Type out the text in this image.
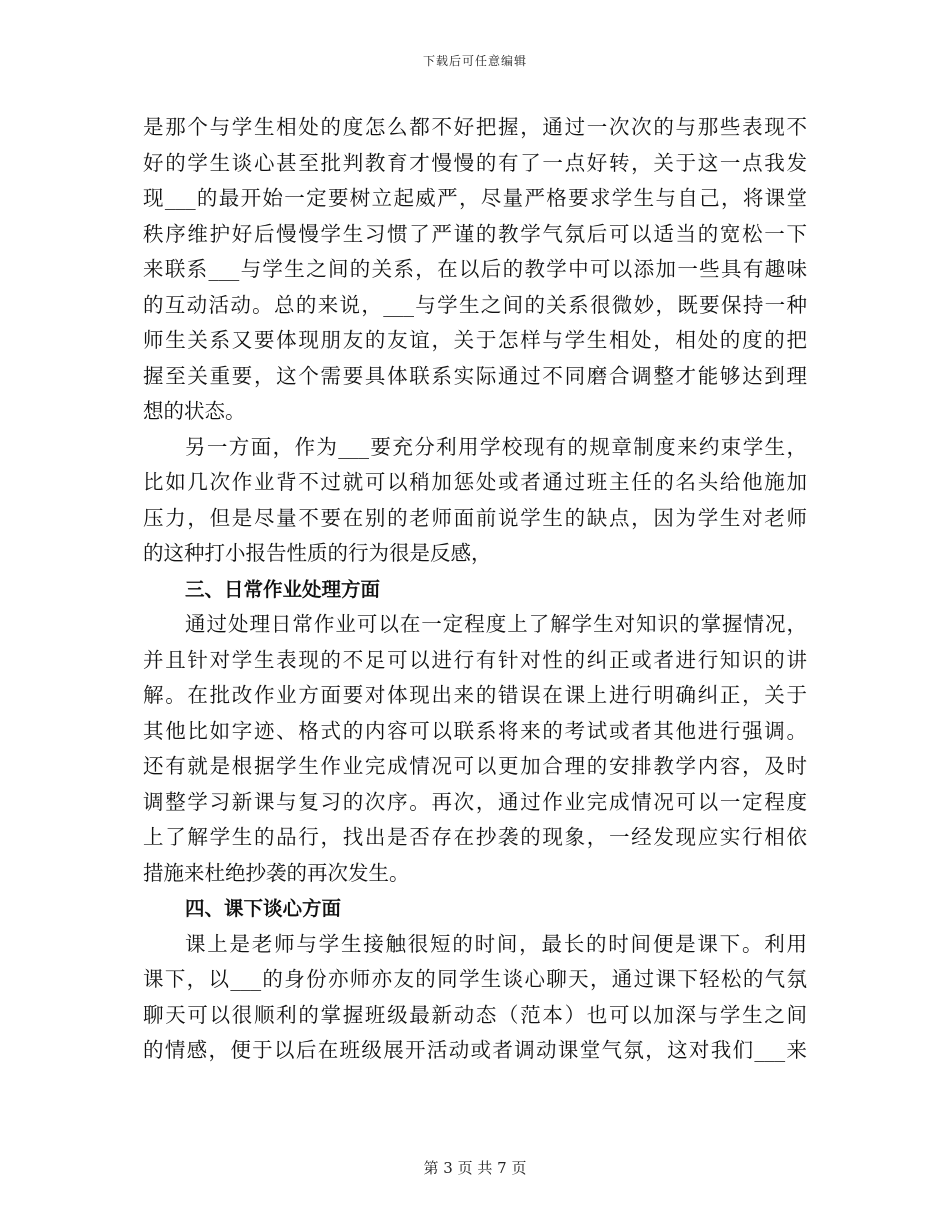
下载后可任意编辑
是那个与学生相处的度怎么都不好把握，通过一次次的与那些表现不
好的学生谈心甚至批判教育才慢慢的有了一点好转，关于这一点我发
现___的最开始一定要树立起威严，尽量严格要求学生与自己，将课堂
秩序维护好后慢慢学生习惯了严谨的教学气氛后可以适当的宽松一下
来联系___与学生之间的关系，在以后的教学中可以添加一些具有趣味
的互动活动。总的来说，___与学生之间的关系很微妙，既要保持一种
师生关系又要体现朋友的友谊，关于怎样与学生相处，相处的度的把
握至关重要，这个需要具体联系实际通过不同磨合调整才能够达到理
想的状态。
另一方面，作为___要充分利用学校现有的规章制度来约束学生，
比如几次作业背不过就可以稍加惩处或者通过班主任的名头给他施加
压力，但是尽量不要在别的老师面前说学生的缺点，因为学生对老师
的这种打小报告性质的行为很是反感，
三、日常作业处理方面
通过处理日常作业可以在一定程度上了解学生对知识的掌握情况，
并且针对学生表现的不足可以进行有针对性的纠正或者进行知识的讲
解。在批改作业方面要对体现出来的错误在课上进行明确纠正，关于
其他比如字迹、格式的内容可以联系将来的考试或者其他进行强调。
还有就是根据学生作业完成情况可以更加合理的安排教学内容，及时
调整学习新课与复习的次序。再次，通过作业完成情况可以一定程度
上了解学生的品行，找出是否存在抄袭的现象，一经发现应实行相依
措施来杜绝抄袭的再次发生。
四、课下谈心方面
课上是老师与学生接触很短的时间，最长的时间便是课下。利用
课下，以___的身份亦师亦友的同学生谈心聊天，通过课下轻松的气氛
聊天可以很顺利的掌握班级最新动态（范本）也可以加深与学生之间
的情感，便于以后在班级展开活动或者调动课堂气氛，这对我们___来
第 3 页 共 7 页
